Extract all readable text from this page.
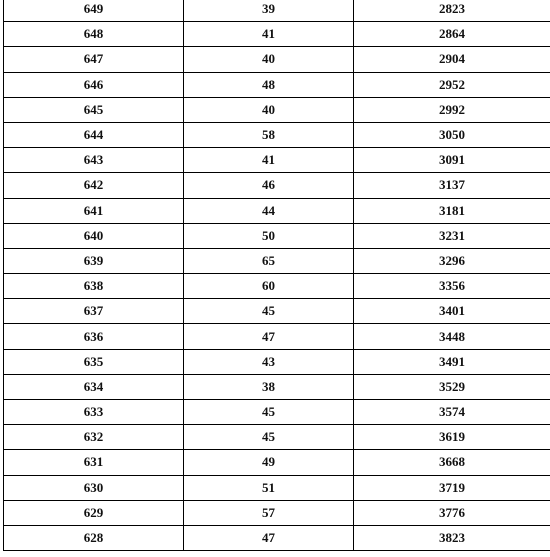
649	39	2823
648	41	2864
647	40	2904
646	48	2952
645	40	2992
644	58	3050
643	41	3091
642	46	3137
641	44	3181
640	50	3231
639	65	3296
638	60	3356
637	45	3401
636	47	3448
635	43	3491
634	38	3529
633	45	3574
632	45	3619
631	49	3668
630	51	3719
629	57	3776
628	47	3823
